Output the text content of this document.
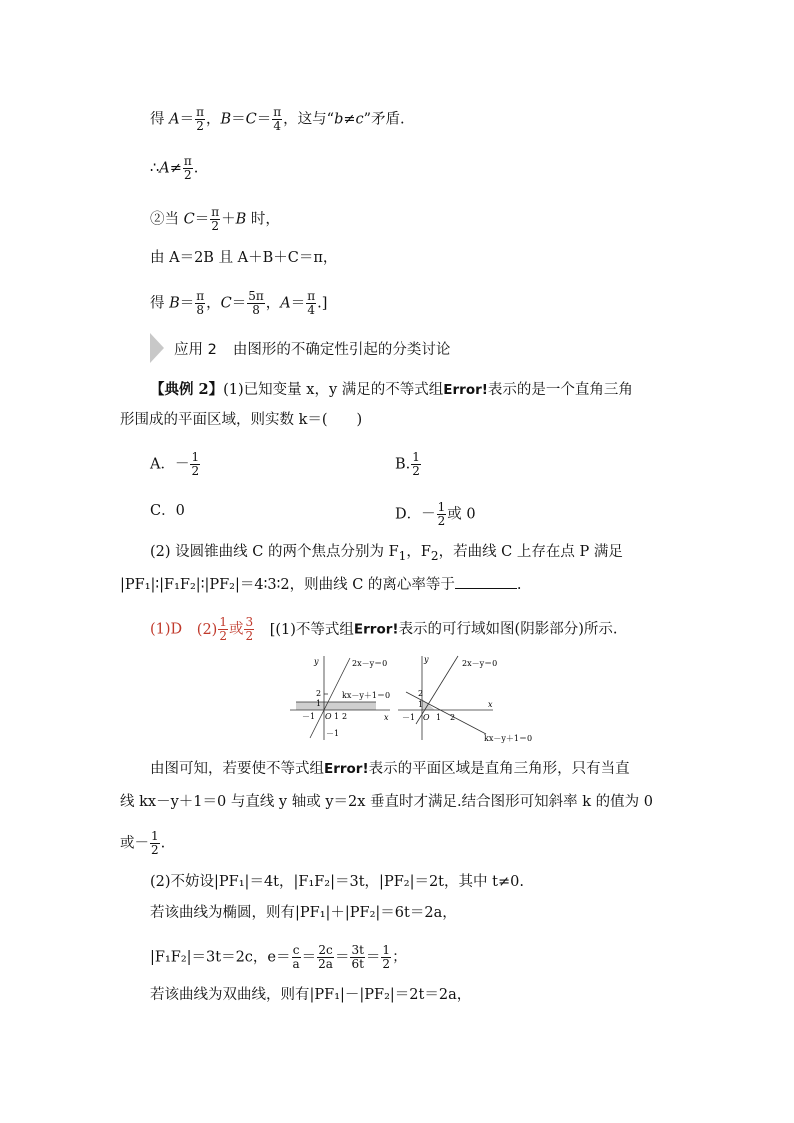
得 $A= \frac{\pi}{2}$ ，$B=C= \frac{\pi}{4}$ ，这与“b≠c”矛盾.
∴A≠ $\frac{\pi}{2}$ .
②当 $C= \frac{\pi}{2} +B$ 时，
由 A＝2B 且 A＋B＋C＝π，
得 $B= \frac{\pi}{8}$ ，$C= \frac{5\pi}{8}$ ，$A= \frac{\pi}{4}$ .]
应用 2 由图形的不确定性引起的分类讨论
【典例 2】(1)已知变量 x，y 满足的不等式组Error!表示的是一个直角三角
形围成的平面区域，则实数 k＝(　　)
A．－ $\frac{1}{2}$	B. $\frac{1}{2}$
C．0	D．－ $\frac{1}{2}$ 或 0
(2) 设圆锥曲线 C 的两个焦点分别为 $F_1$，$F_2$，若曲线 C 上存在点 P 满足
|PF₁|∶|F₁F₂|∶|PF₂|＝4∶3∶2，则曲线 C 的离心率等于	.
(1)D $(2) \frac{1}{2}$ 或 $\frac{3}{2} [(1)$不等式组Error!表示的可行域如图(阴影部分)所示.
y
x
2x－y＝0
kx－y＋1＝0
2
1
－1 O 1 2
－1
y
x
2x－y＝0
kx－y＋1＝0
2
1
－1 O 1 2
由图可知，若要使不等式组Error!表示的平面区域是直角三角形，只有当直
线 kx－y＋1＝0 与直线 y 轴或 y＝2x 垂直时才满足.结合图形可知斜率 k 的值为 0
或－ $\frac{1}{2}$ .
(2)不妨设|PF₁|＝4t，|F₁F₂|＝3t，|PF₂|＝2t，其中 t≠0.
若该曲线为椭圆，则有|PF₁|＋|PF₂|＝6t＝2a，
|F₁F₂|＝3t＝2c，$e= \frac{c}{a} = \frac{2c}{2a} = \frac{3t}{6t} = \frac{1}{2}$ ；
若该曲线为双曲线，则有|PF₁|－|PF₂|＝2t＝2a，
